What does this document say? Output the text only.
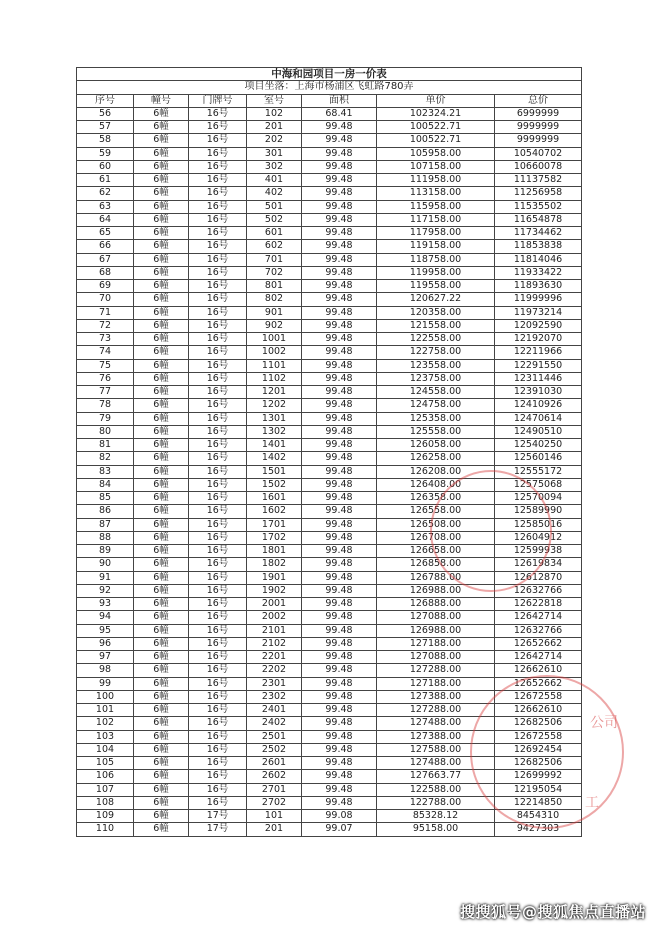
中海和园项目一房一价表						
项目坐落：上海市杨浦区飞虹路780弄						
序号	幢号	门牌号	室号	面积	单价	总价
56	6幢	16号	102	68.41	102324.21	6999999
57	6幢	16号	201	99.48	100522.71	9999999
58	6幢	16号	202	99.48	100522.71	9999999
59	6幢	16号	301	99.48	105958.00	10540702
60	6幢	16号	302	99.48	107158.00	10660078
61	6幢	16号	401	99.48	111958.00	11137582
62	6幢	16号	402	99.48	113158.00	11256958
63	6幢	16号	501	99.48	115958.00	11535502
64	6幢	16号	502	99.48	117158.00	11654878
65	6幢	16号	601	99.48	117958.00	11734462
66	6幢	16号	602	99.48	119158.00	11853838
67	6幢	16号	701	99.48	118758.00	11814046
68	6幢	16号	702	99.48	119958.00	11933422
69	6幢	16号	801	99.48	119558.00	11893630
70	6幢	16号	802	99.48	120627.22	11999996
71	6幢	16号	901	99.48	120358.00	11973214
72	6幢	16号	902	99.48	121558.00	12092590
73	6幢	16号	1001	99.48	122558.00	12192070
74	6幢	16号	1002	99.48	122758.00	12211966
75	6幢	16号	1101	99.48	123558.00	12291550
76	6幢	16号	1102	99.48	123758.00	12311446
77	6幢	16号	1201	99.48	124558.00	12391030
78	6幢	16号	1202	99.48	124758.00	12410926
79	6幢	16号	1301	99.48	125358.00	12470614
80	6幢	16号	1302	99.48	125558.00	12490510
81	6幢	16号	1401	99.48	126058.00	12540250
82	6幢	16号	1402	99.48	126258.00	12560146
83	6幢	16号	1501	99.48	126208.00	12555172
84	6幢	16号	1502	99.48	126408.00	12575068
85	6幢	16号	1601	99.48	126358.00	12570094
86	6幢	16号	1602	99.48	126558.00	12589990
87	6幢	16号	1701	99.48	126508.00	12585016
88	6幢	16号	1702	99.48	126708.00	12604912
89	6幢	16号	1801	99.48	126658.00	12599938
90	6幢	16号	1802	99.48	126858.00	12619834
91	6幢	16号	1901	99.48	126788.00	12612870
92	6幢	16号	1902	99.48	126988.00	12632766
93	6幢	16号	2001	99.48	126888.00	12622818
94	6幢	16号	2002	99.48	127088.00	12642714
95	6幢	16号	2101	99.48	126988.00	12632766
96	6幢	16号	2102	99.48	127188.00	12652662
97	6幢	16号	2201	99.48	127088.00	12642714
98	6幢	16号	2202	99.48	127288.00	12662610
99	6幢	16号	2301	99.48	127188.00	12652662
100	6幢	16号	2302	99.48	127388.00	12672558
101	6幢	16号	2401	99.48	127288.00	12662610
102	6幢	16号	2402	99.48	127488.00	12682506
103	6幢	16号	2501	99.48	127388.00	12672558
104	6幢	16号	2502	99.48	127588.00	12692454
105	6幢	16号	2601	99.48	127488.00	12682506
106	6幢	16号	2602	99.48	127663.77	12699992
107	6幢	16号	2701	99.48	122588.00	12195054
108	6幢	16号	2702	99.48	122788.00	12214850
109	6幢	17号	101	99.08	85328.12	8454310
110	6幢	17号	201	99.07	95158.00	9427303
工
公司
搜搜狐号@搜狐焦点直播站
